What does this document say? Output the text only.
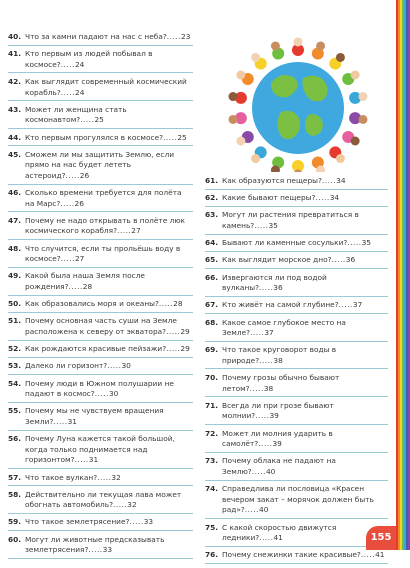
40. Что за камни падают на нас с неба?.....23
41. Кто первым из людей побывал в космосе?.....24
42. Как выглядит современный космический корабль?.....24
43. Может ли женщина стать космонавтом?.....25
44. Кто первым прогулялся в космосе?.....25
45. Сможем ли мы защитить Землю, если прямо на нас будет лететь астероид?.....26
46. Сколько времени требуется для полёта на Марс?.....26
47. Почему не надо открывать в полёте люк космического корабля?.....27
48. Что случится, если ты прольёшь воду в космосе?.....27
49. Какой была наша Земля после рождения?.....28
50. Как образовались моря и океаны?.....28
51. Почему основная часть суши на Земле расположена к северу от экватора?.....29
52. Как рождаются красивые пейзажи?.....29
53. Далеко ли горизонт?.....30
54. Почему люди в Южном полушарии не падают в космос?.....30
55. Почему мы не чувствуем вращения Земли?.....31
56. Почему Луна кажется такой большой, когда только поднимается над горизонтом?.....31
57. Что такое вулкан?.....32
58. Действительно ли текущая лава может обогнать автомобиль?.....32
59. Что такое землетрясение?.....33
60. Могут ли животные предсказывать землетрясения?.....33
61. Как образуются пещеры?.....34
62. Какие бывают пещеры?.....34
63. Могут ли растения превратиться в камень?.....35
64. Бывают ли каменные сосульки?.....35
65. Как выглядит морское дно?.....36
66. Извергаются ли под водой вулканы?.....36
67. Кто живёт на самой глубине?.....37
68. Какое самое глубокое место на Земле?.....37
69. Что такое круговорот воды в природе?.....38
70. Почему грозы обычно бывают летом?.....38
71. Всегда ли при грозе бывают молнии?.....39
72. Может ли молния ударить в самолёт?.....39
73. Почему облака не падают на Землю?.....40
74. Справедлива ли пословица «Красен вечером закат – морячок должен быть рад»?.....40
75. С какой скоростью движутся ледники?.....41
76. Почему снежинки такие красивые?.....41
155
